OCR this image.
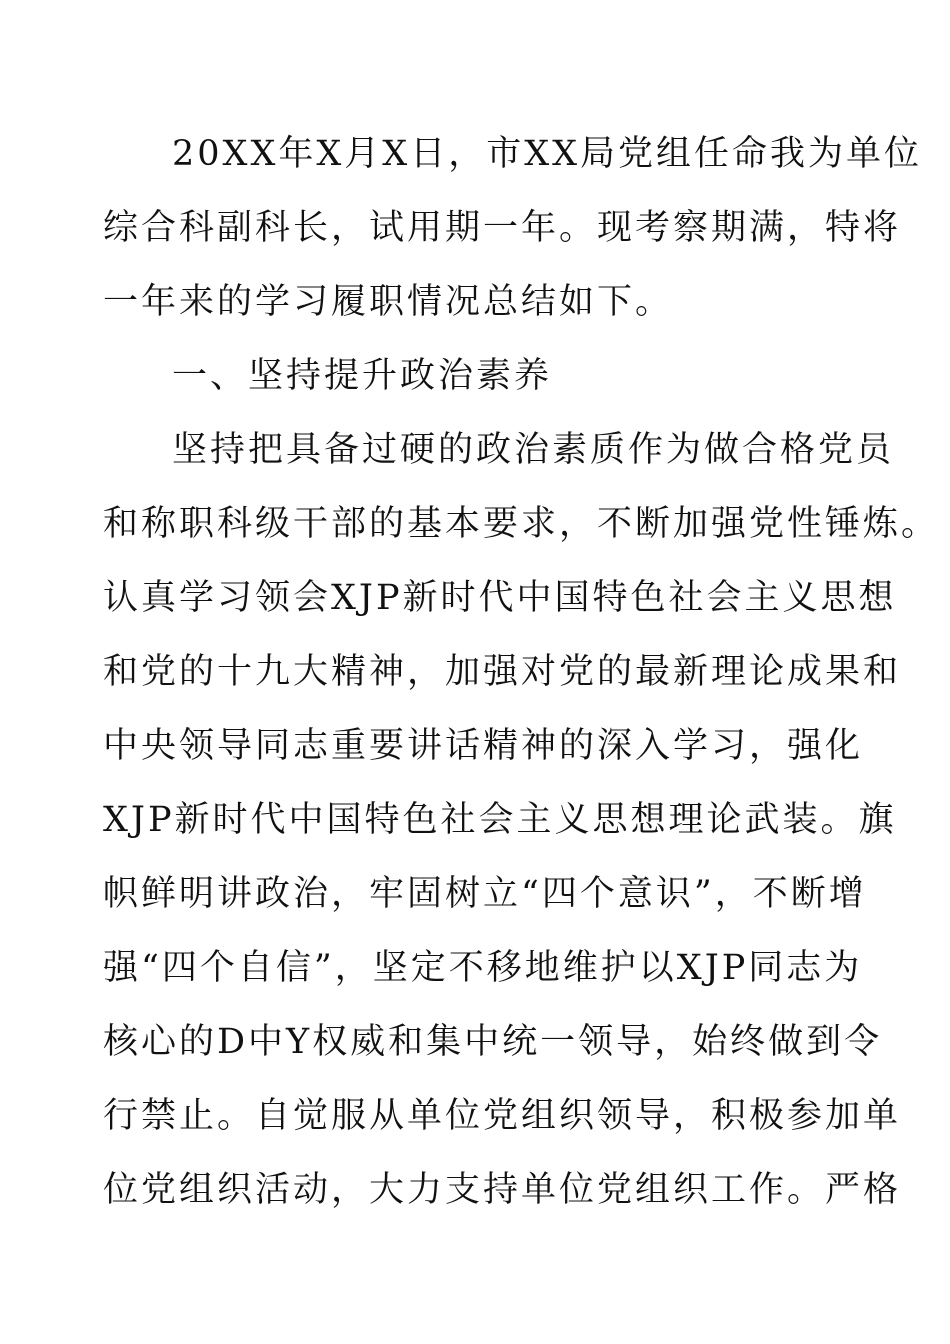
20XX年X月X日，市XX局党组任命我为单位
综合科副科长，试用期一年。现考察期满，特将
一年来的学习履职情况总结如下。
一、坚持提升政治素养
坚持把具备过硬的政治素质作为做合格党员
和称职科级干部的基本要求，不断加强党性锤炼。
认真学习领会XJP新时代中国特色社会主义思想
和党的十九大精神，加强对党的最新理论成果和
中央领导同志重要讲话精神的深入学习，强化
XJP新时代中国特色社会主义思想理论武装。旗
帜鲜明讲政治，牢固树立“四个意识”，不断增
强“四个自信”，坚定不移地维护以XJP同志为
核心的D中Y权威和集中统一领导，始终做到令
行禁止。自觉服从单位党组织领导，积极参加单
位党组织活动，大力支持单位党组织工作。严格
